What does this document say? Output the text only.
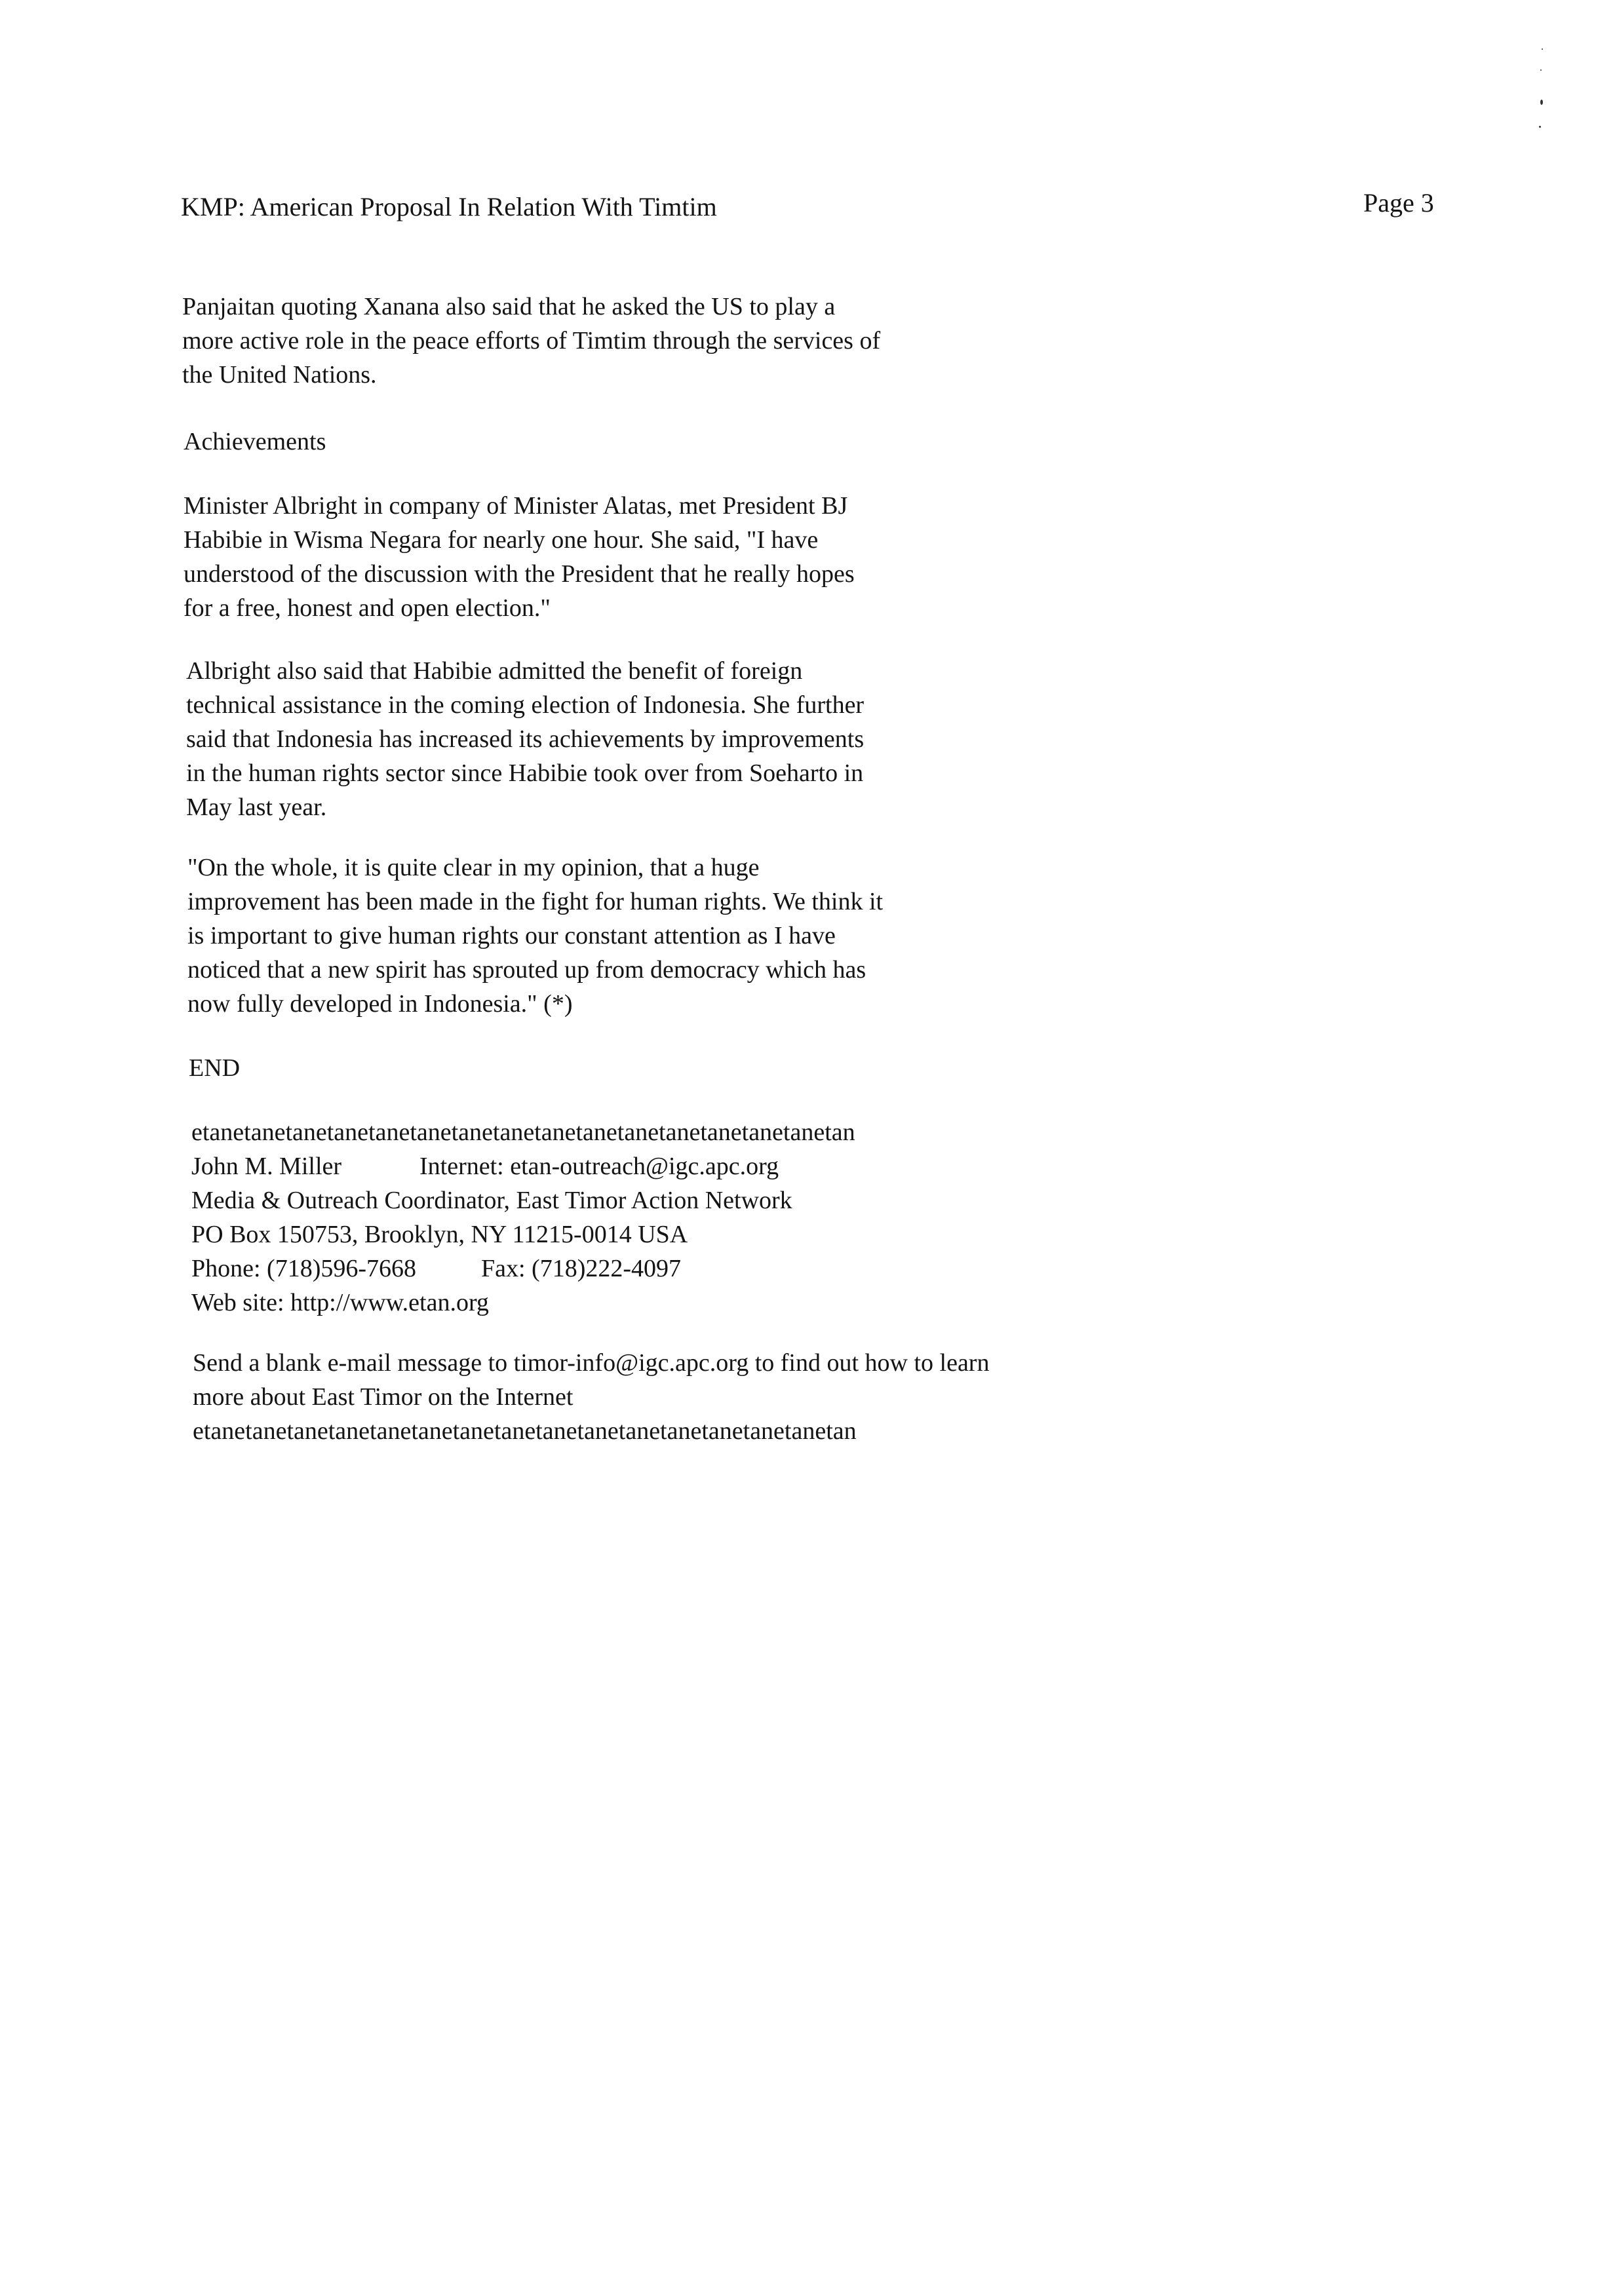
KMP: American Proposal In Relation With Timtim	Page 3
Panjaitan quoting Xanana also said that he asked the US to play a
more active role in the peace efforts of Timtim through the services of
the United Nations.
Achievements
Minister Albright in company of Minister Alatas, met President BJ
Habibie in Wisma Negara for nearly one hour. She said, "I have
understood of the discussion with the President that he really hopes
for a free, honest and open election."
Albright also said that Habibie admitted the benefit of foreign
technical assistance in the coming election of Indonesia. She further
said that Indonesia has increased its achievements by improvements
in the human rights sector since Habibie took over from Soeharto in
May last year.
"On the whole, it is quite clear in my opinion, that a huge
improvement has been made in the fight for human rights. We think it
is important to give human rights our constant attention as I have
noticed that a new spirit has sprouted up from democracy which has
now fully developed in Indonesia." (*)
END
etanetanetanetanetanetanetanetanetanetanetanetanetanetanetanetan
John M. Miller	Internet: etan-outreach@igc.apc.org
Media & Outreach Coordinator, East Timor Action Network
PO Box 150753, Brooklyn, NY 11215-0014 USA
Phone: (718)596-7668	Fax: (718)222-4097
Web site: http://www.etan.org
Send a blank e-mail message to timor-info@igc.apc.org to find out how to learn
more about East Timor on the Internet
etanetanetanetanetanetanetanetanetanetanetanetanetanetanetanetan
